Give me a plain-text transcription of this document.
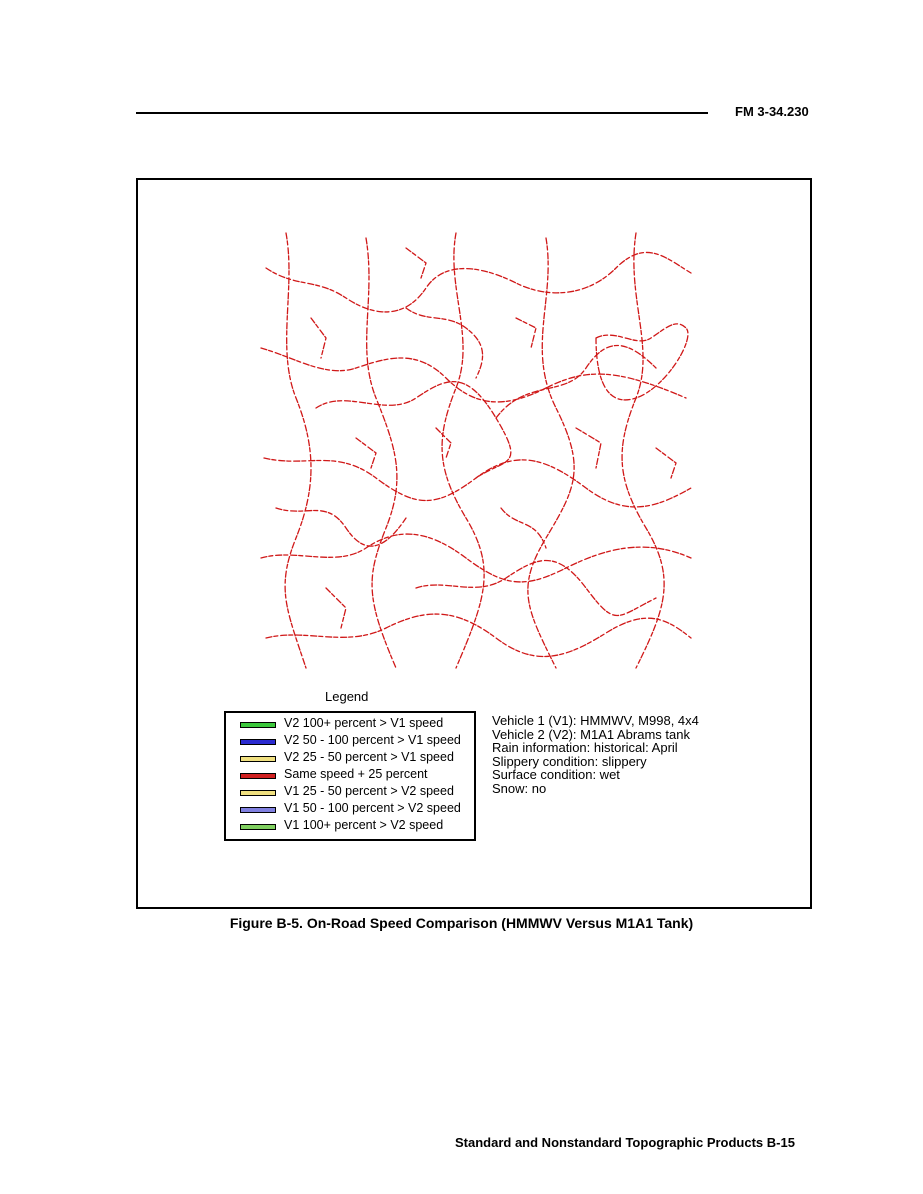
FM 3-34.230
Legend
V2 100+ percent > V1 speed
V2 50 - 100 percent > V1 speed
V2 25 - 50 percent > V1 speed
Same speed + 25 percent
V1 25 - 50 percent > V2 speed
V1 50 - 100 percent > V2 speed
V1 100+ percent > V2 speed
Vehicle 1 (V1): HMMWV, M998, 4x4
Vehicle 2 (V2): M1A1 Abrams tank
Rain information: historical: April
Slippery condition: slippery
Surface condition: wet
Snow: no
Figure B-5. On-Road Speed Comparison (HMMWV Versus M1A1 Tank)
Standard and Nonstandard Topographic Products B-15
